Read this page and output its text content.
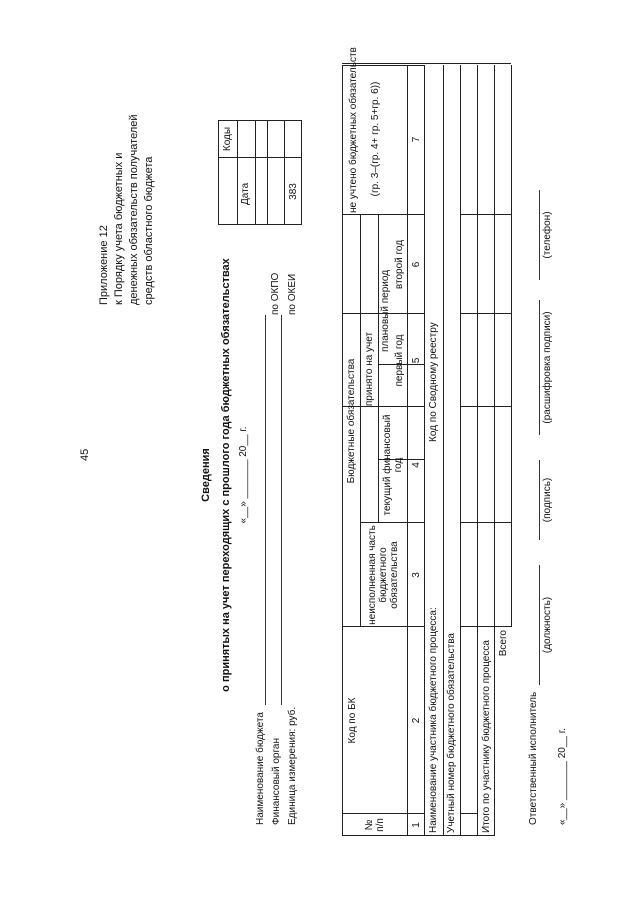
45
Приложение 12 к Порядку учета бюджетных и денежных обязательств получателей средств областного бюджета
Сведения о принятых на учет переходящих с прошлого года бюджетных обязательствах «__» _______ 20__ г.
Коды
Дата
по ОКПО по ОКЕИ
383
Наименование бюджета Финансовый орган Единица измерения: руб.
№ п/п
Код по БК
Бюджетные обязательства
неисполненная часть бюджетного обязательства
принято на учет
текущий финансовый год
плановый период
первый год
второй год
не учтено бюджетных обязательств (гр. 3–(гр. 4+ гр. 5+гр. 6))
1
2
3
4
5
6
7
Наименование участника бюджетного процесса:
Код по Сводному реестру
Учетный номер бюджетного обязательства Итого по участнику бюджетного процесса Всего
Ответственный исполнитель
(должность)
(подпись)
(расшифровка подписи)
(телефон)
«__» _______ 20__ г.
